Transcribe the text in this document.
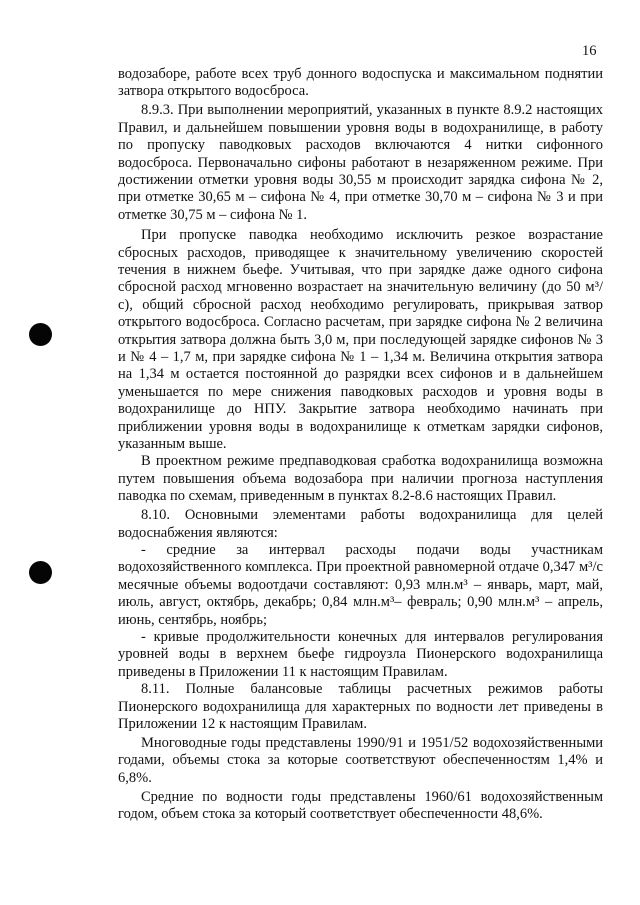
16

водозаборе, работе всех труб донного водоспуска и максимальном поднятии затвора открытого водосброса.

8.9.3. При выполнении мероприятий, указанных в пункте 8.9.2 настоящих Правил, и дальнейшем повышении уровня воды в водохранилище, в работу по пропуску паводковых расходов включаются 4 нитки сифонного водосброса. Первоначально сифоны работают в незаряженном режиме. При достижении отметки уровня воды 30,55 м происходит зарядка сифона № 2, при отметке 30,65 м – сифона № 4, при отметке 30,70 м – сифона № 3 и при отметке 30,75 м – сифона № 1.

При пропуске паводка необходимо исключить резкое возрастание сбросных расходов, приводящее к значительному увеличению скоростей течения в нижнем бьефе. Учитывая, что при зарядке даже одного сифона сбросной расход мгновенно возрастает на значительную величину (до 50 м³/с), общий сбросной расход необходимо регулировать, прикрывая затвор открытого водосброса. Согласно расчетам, при зарядке сифона № 2 величина открытия затвора должна быть 3,0 м, при последующей зарядке сифонов № 3 и № 4 – 1,7 м, при зарядке сифона № 1 – 1,34 м. Величина открытия затвора на 1,34 м остается постоянной до разрядки всех сифонов и в дальнейшем уменьшается по мере снижения паводковых расходов и уровня воды в водохранилище до НПУ. Закрытие затвора необходимо начинать при приближении уровня воды в водохранилище к отметкам зарядки сифонов, указанным выше.

В проектном режиме предпаводковая сработка водохранилища возможна путем повышения объема водозабора при наличии прогноза наступления паводка по схемам, приведенным в пунктах 8.2-8.6 настоящих Правил.

8.10. Основными элементами работы водохранилища для целей водоснабжения являются:

- средние за интервал расходы подачи воды участникам водохозяйственного комплекса. При проектной равномерной отдаче 0,347 м³/с месячные объемы водоотдачи составляют: 0,93 млн.м³ – январь, март, май, июль, август, октябрь, декабрь; 0,84 млн.м³– февраль; 0,90 млн.м³ – апрель, июнь, сентябрь, ноябрь;

- кривые продолжительности конечных для интервалов регулирования уровней воды в верхнем бьефе гидроузла Пионерского водохранилища приведены в Приложении 11 к настоящим Правилам.

8.11. Полные балансовые таблицы расчетных режимов работы Пионерского водохранилища для характерных по водности лет приведены в Приложении 12 к настоящим Правилам.

Многоводные годы представлены 1990/91 и 1951/52 водохозяйственными годами, объемы стока за которые соответствуют обеспеченностям 1,4% и 6,8%.

Средние по водности годы представлены 1960/61 водохозяйственным годом, объем стока за который соответствует обеспеченности 48,6%.
